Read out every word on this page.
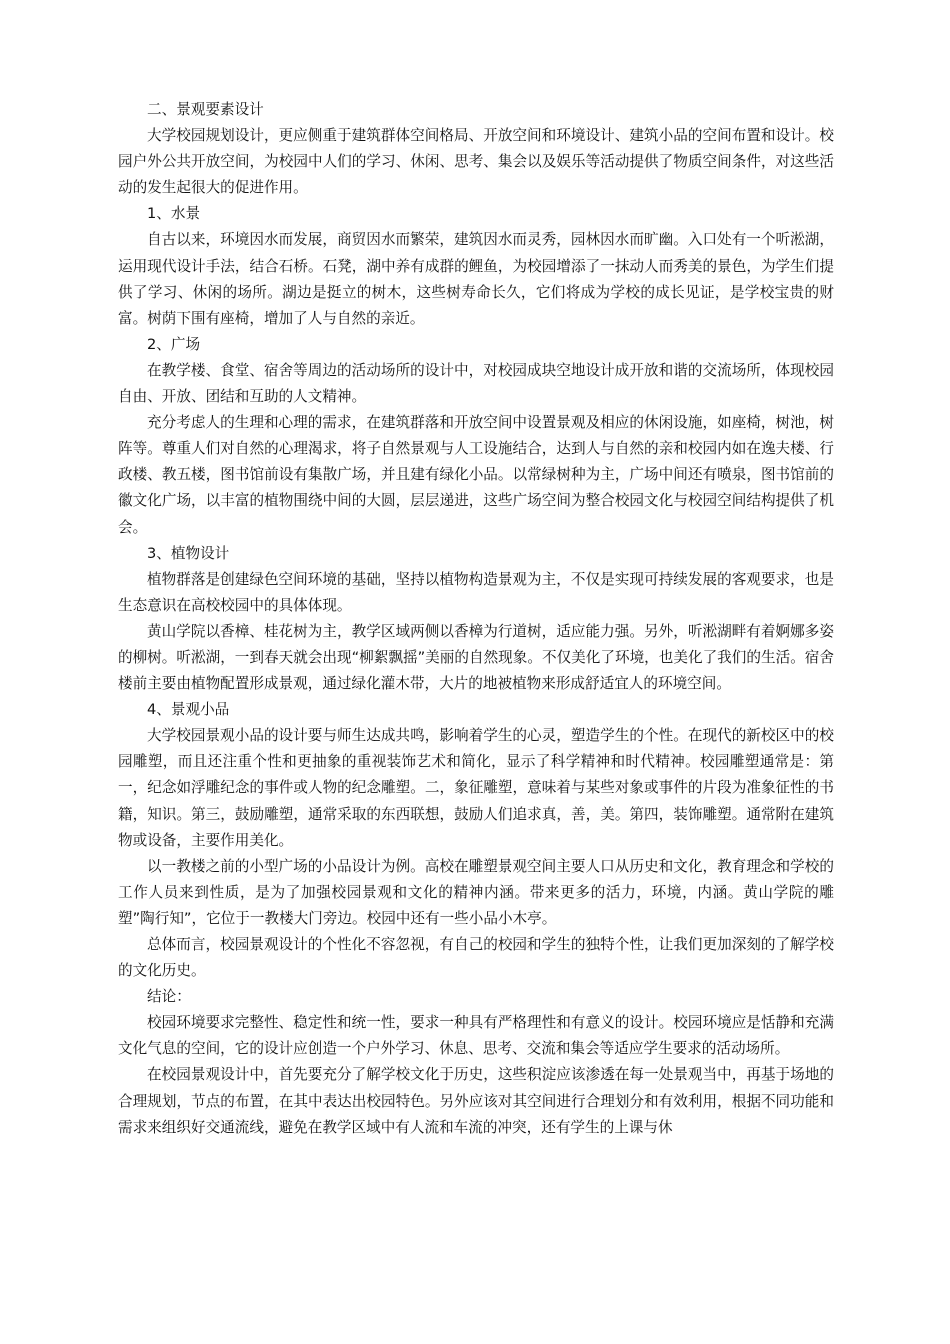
二、景观要素设计

大学校园规划设计，更应侧重于建筑群体空间格局、开放空间和环境设计、建筑小品的空间布置和设计。校园户外公共开放空间，为校园中人们的学习、休闲、思考、集会以及娱乐等活动提供了物质空间条件，对这些活动的发生起很大的促进作用。

1、水景

自古以来，环境因水而发展，商贸因水而繁荣，建筑因水而灵秀，园林因水而旷幽。入口处有一个听淞湖，运用现代设计手法，结合石桥。石凳，湖中养有成群的鲤鱼，为校园增添了一抹动人而秀美的景色，为学生们提供了学习、休闲的场所。湖边是挺立的树木，这些树寿命长久，它们将成为学校的成长见证，是学校宝贵的财富。树荫下围有座椅，增加了人与自然的亲近。

2、广场

在教学楼、食堂、宿舍等周边的活动场所的设计中，对校园成块空地设计成开放和谐的交流场所，体现校园自由、开放、团结和互助的人文精神。

充分考虑人的生理和心理的需求，在建筑群落和开放空间中设置景观及相应的休闲设施，如座椅，树池，树阵等。尊重人们对自然的心理渴求，将子自然景观与人工设施结合，达到人与自然的亲和校园内如在逸夫楼、行政楼、教五楼，图书馆前设有集散广场，并且建有绿化小品。以常绿树种为主，广场中间还有喷泉，图书馆前的徽文化广场，以丰富的植物围绕中间的大圆，层层递进，这些广场空间为整合校园文化与校园空间结构提供了机会。

3、植物设计

植物群落是创建绿色空间环境的基础，坚持以植物构造景观为主，不仅是实现可持续发展的客观要求，也是生态意识在高校校园中的具体体现。

黄山学院以香樟、桂花树为主，教学区域两侧以香樟为行道树，适应能力强。另外，听淞湖畔有着婀娜多姿的柳树。听淞湖，一到春天就会出现“柳絮飘摇”美丽的自然现象。不仅美化了环境，也美化了我们的生活。宿舍楼前主要由植物配置形成景观，通过绿化灌木带，大片的地被植物来形成舒适宜人的环境空间。

4、景观小品

大学校园景观小品的设计要与师生达成共鸣，影响着学生的心灵，塑造学生的个性。在现代的新校区中的校园雕塑，而且还注重个性和更抽象的重视装饰艺术和简化，显示了科学精神和时代精神。校园雕塑通常是：第一，纪念如浮雕纪念的事件或人物的纪念雕塑。二，象征雕塑，意味着与某些对象或事件的片段为准象征性的书籍，知识。第三，鼓励雕塑，通常采取的东西联想，鼓励人们追求真，善，美。第四，装饰雕塑。通常附在建筑物或设备，主要作用美化。

以一教楼之前的小型广场的小品设计为例。高校在雕塑景观空间主要人口从历史和文化，教育理念和学校的工作人员来到性质，是为了加强校园景观和文化的精神内涵。带来更多的活力，环境，内涵。黄山学院的雕塑”陶行知”，它位于一教楼大门旁边。校园中还有一些小品小木亭。

总体而言，校园景观设计的个性化不容忽视，有自己的校园和学生的独特个性，让我们更加深刻的了解学校的文化历史。

结论：

校园环境要求完整性、稳定性和统一性，要求一种具有严格理性和有意义的设计。校园环境应是恬静和充满文化气息的空间，它的设计应创造一个户外学习、休息、思考、交流和集会等适应学生要求的活动场所。

在校园景观设计中，首先要充分了解学校文化于历史，这些积淀应该渗透在每一处景观当中，再基于场地的合理规划，节点的布置，在其中表达出校园特色。另外应该对其空间进行合理划分和有效利用，根据不同功能和需求来组织好交通流线，避免在教学区域中有人流和车流的冲突，还有学生的上课与休
